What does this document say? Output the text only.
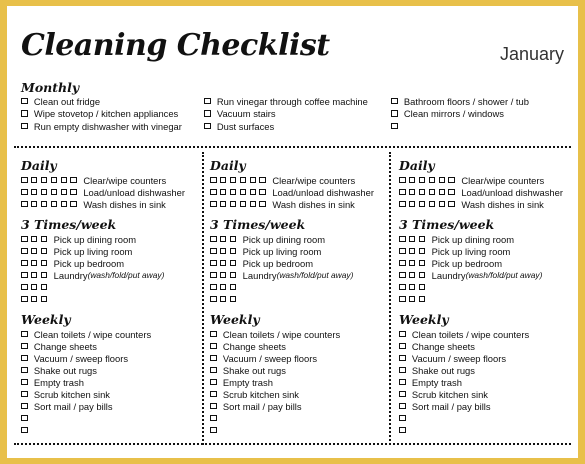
Cleaning Checklist	January
Monthly
Clean out fridge
Wipe stovetop / kitchen appliances
Run empty dishwasher with vinegar
Run vinegar through coffee machine
Vacuum stairs
Dust surfaces
Bathroom floors / shower / tub
Clean mirrors / windows
Daily
Clear/wipe counters
Load/unload dishwasher
Wash dishes in sink
3 Times/week
Pick up dining room
Pick up living room
Pick up bedroom
Laundry (wash/fold/put away)
Weekly
Clean toilets / wipe counters
Change sheets
Vacuum / sweep floors
Shake out rugs
Empty trash
Scrub kitchen sink
Sort mail / pay bills
Daily
Clear/wipe counters
Load/unload dishwasher
Wash dishes in sink
3 Times/week
Pick up dining room
Pick up living room
Pick up bedroom
Laundry (wash/fold/put away)
Weekly
Clean toilets / wipe counters
Change sheets
Vacuum / sweep floors
Shake out rugs
Empty trash
Scrub kitchen sink
Sort mail / pay bills
Daily
Clear/wipe counters
Load/unload dishwasher
Wash dishes in sink
3 Times/week
Pick up dining room
Pick up living room
Pick up bedroom
Laundry (wash/fold/put away)
Weekly
Clean toilets / wipe counters
Change sheets
Vacuum / sweep floors
Shake out rugs
Empty trash
Scrub kitchen sink
Sort mail / pay bills
